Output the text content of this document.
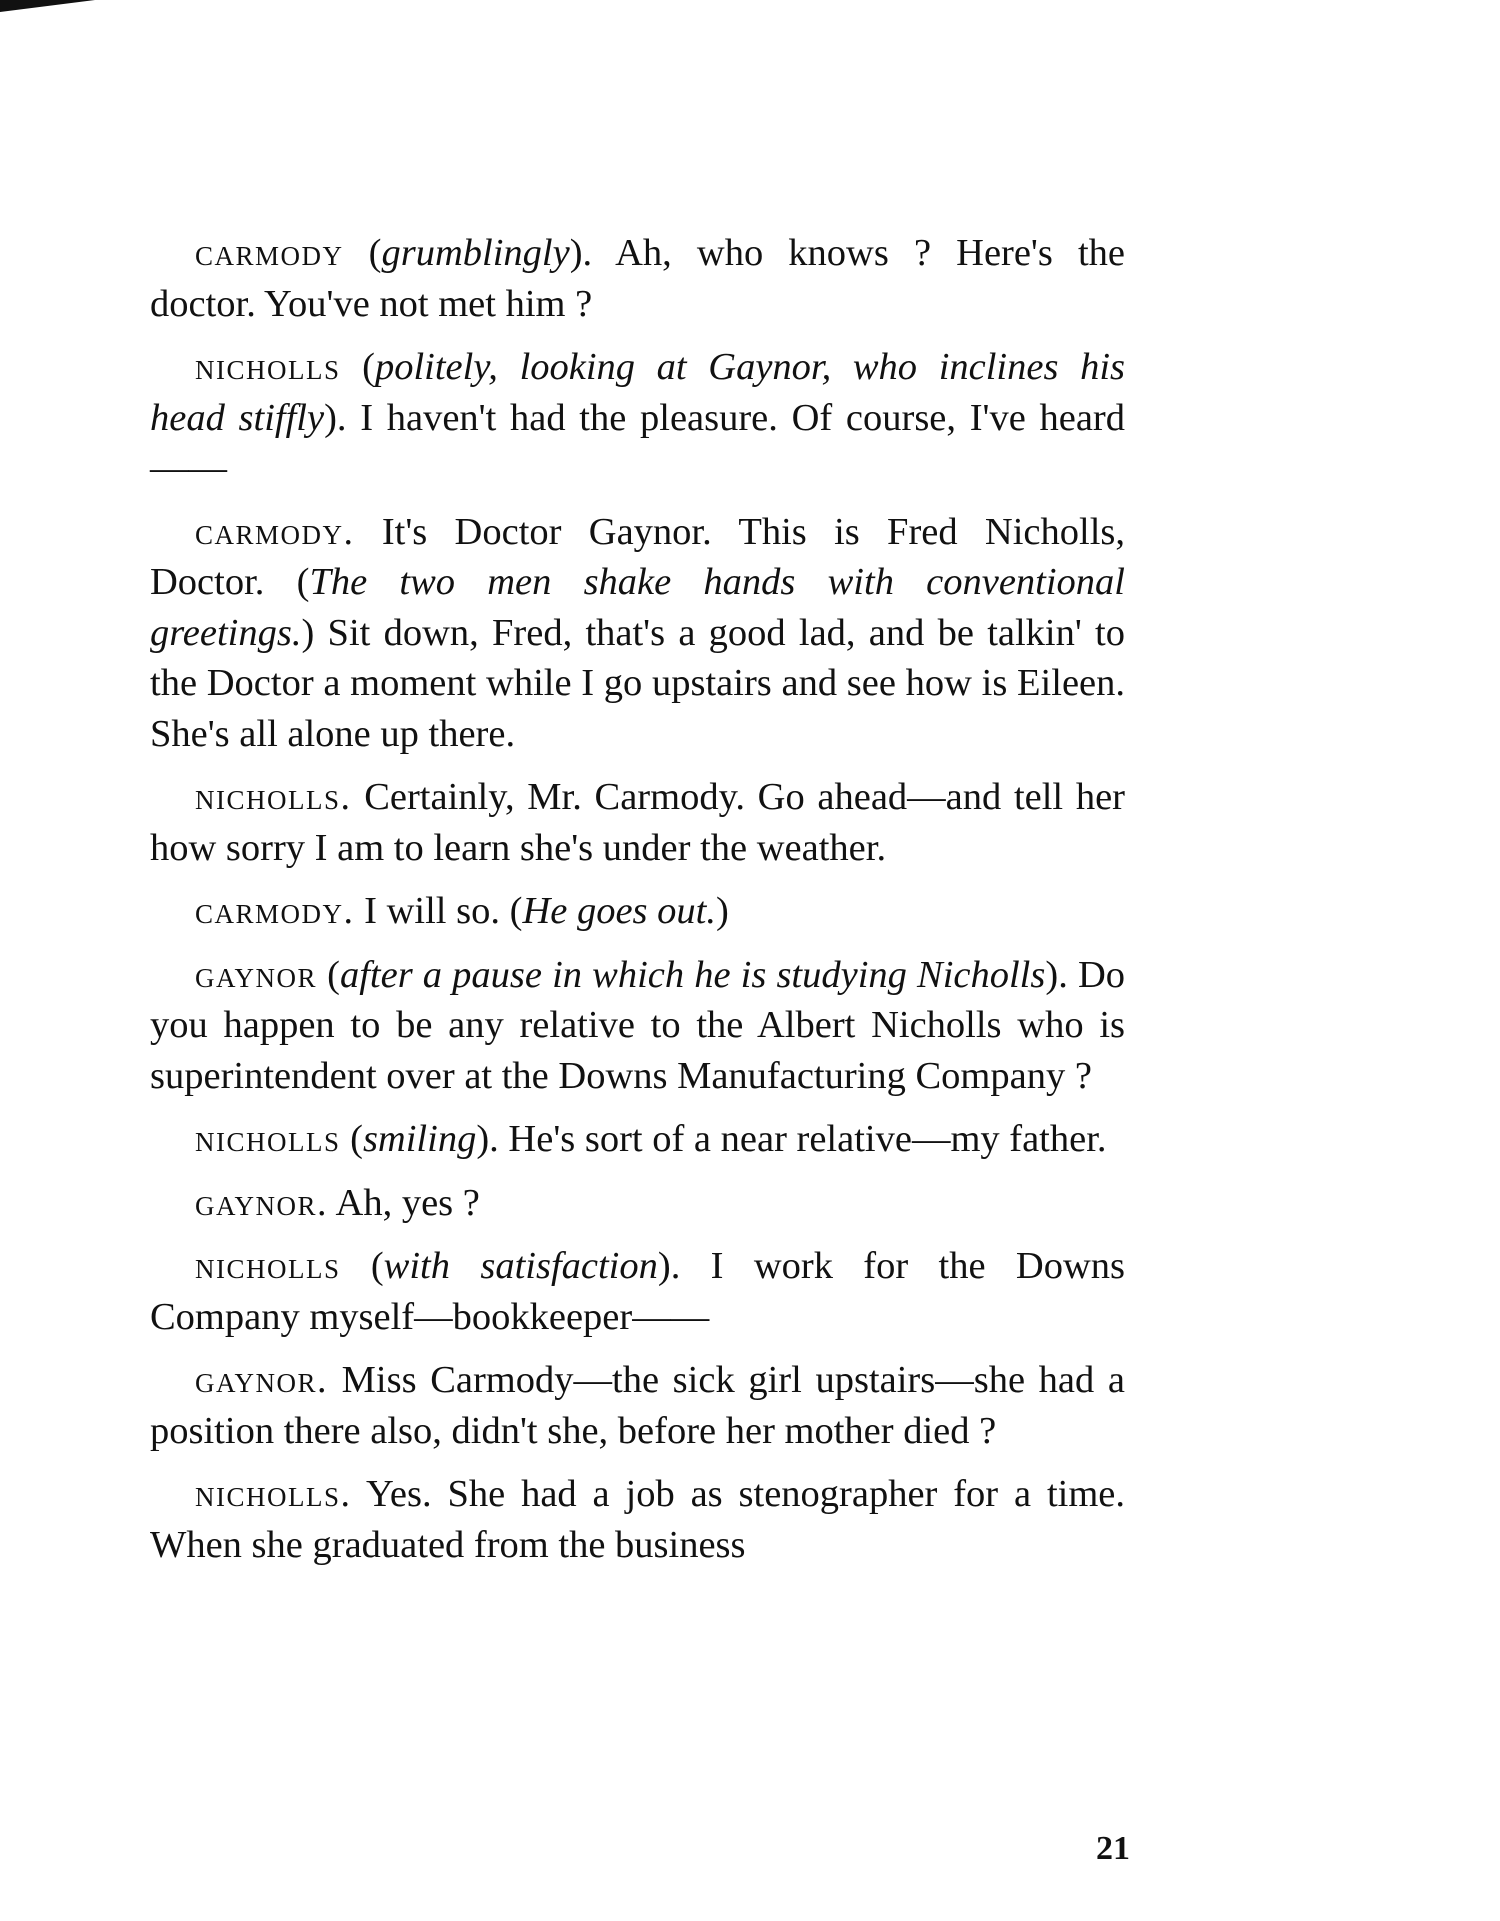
carmody (grumblingly). Ah, who knows ? Here's the doctor. You've not met him ?

nicholls (politely, looking at Gaynor, who inclines his head stiffly). I haven't had the pleasure. Of course, I've heard——

carmody. It's Doctor Gaynor. This is Fred Nicholls, Doctor. (The two men shake hands with conventional greetings.) Sit down, Fred, that's a good lad, and be talkin' to the Doctor a moment while I go upstairs and see how is Eileen. She's all alone up there.

nicholls. Certainly, Mr. Carmody. Go ahead—and tell her how sorry I am to learn she's under the weather.

carmody. I will so. (He goes out.)

gaynor (after a pause in which he is studying Nicholls). Do you happen to be any relative to the Albert Nicholls who is superintendent over at the Downs Manufacturing Company ?

nicholls (smiling). He's sort of a near relative—my father.

gaynor. Ah, yes ?

nicholls (with satisfaction). I work for the Downs Company myself—bookkeeper——

gaynor. Miss Carmody—the sick girl upstairs—she had a position there also, didn't she, before her mother died ?

nicholls. Yes. She had a job as stenographer for a time. When she graduated from the business

21
